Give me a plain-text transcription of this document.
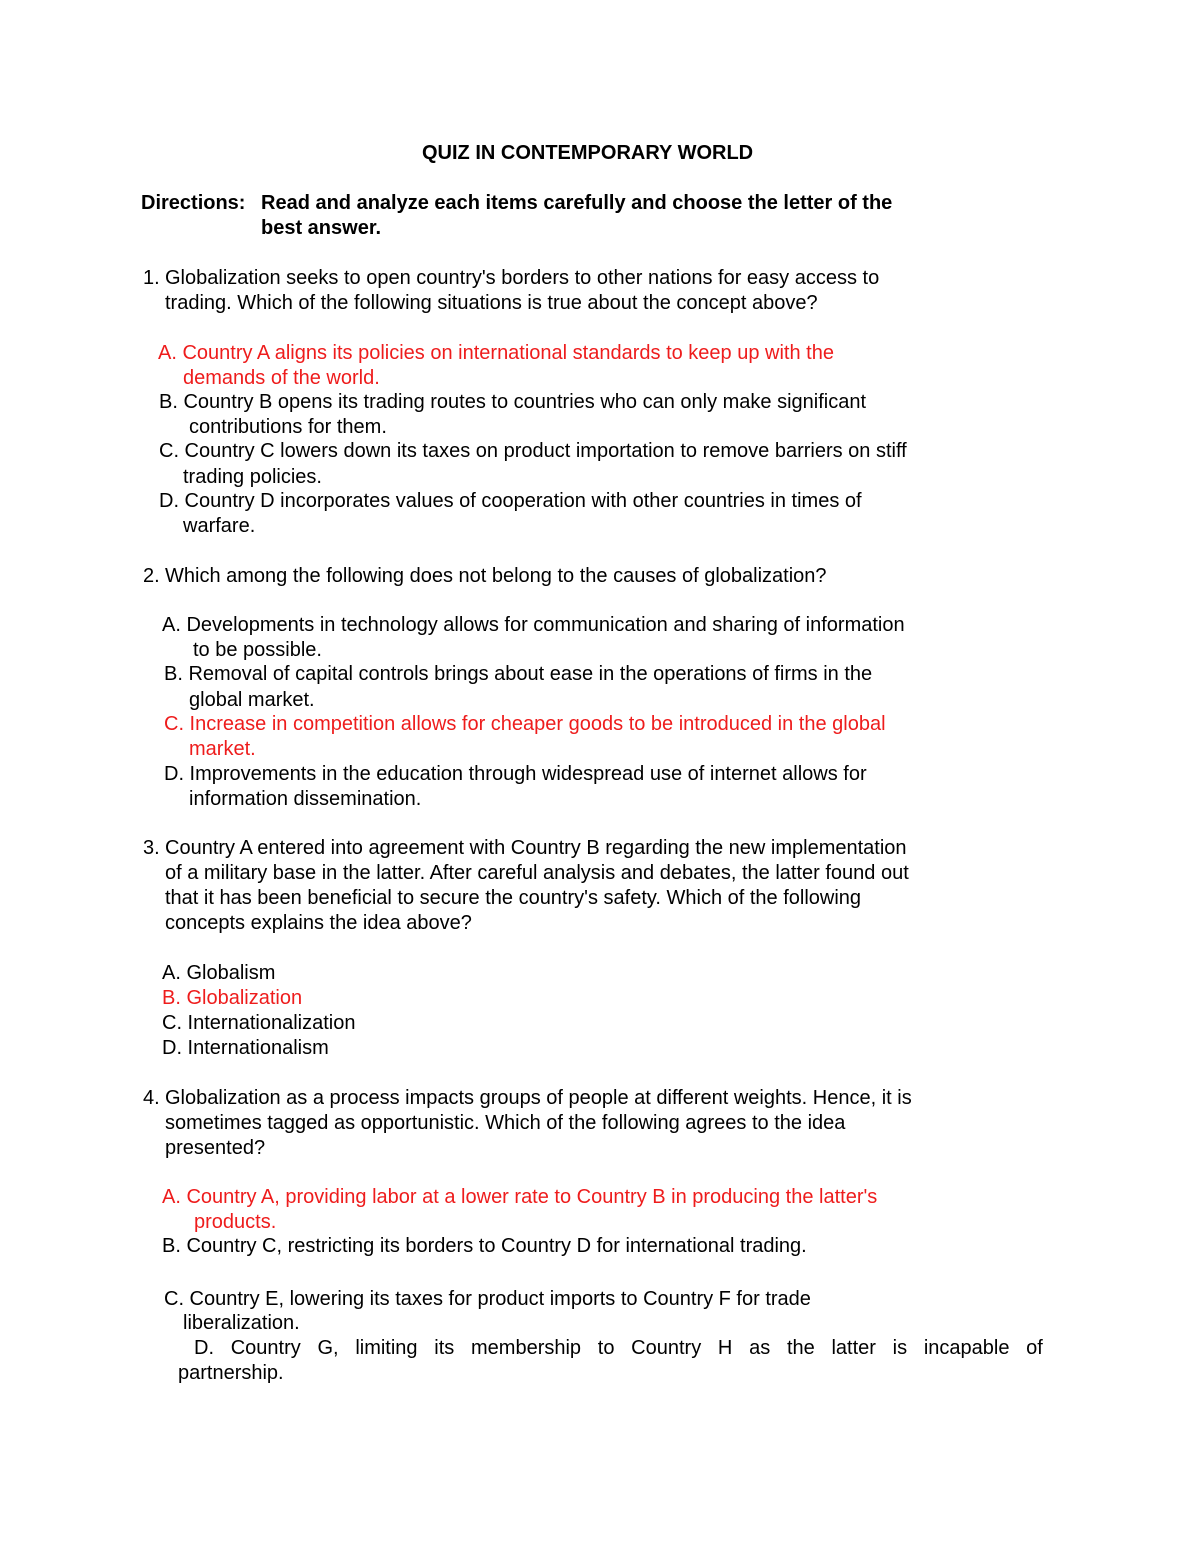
QUIZ IN CONTEMPORARY WORLD

Directions: Read and analyze each items carefully and choose the letter of the

best answer.

1. Globalization seeks to open country's borders to other nations for easy access to

trading. Which of the following situations is true about the concept above?

A. Country A aligns its policies on international standards to keep up with the

demands of the world.

B. Country B opens its trading routes to countries who can only make significant

contributions for them.

C. Country C lowers down its taxes on product importation to remove barriers on stiff

trading policies.

D. Country D incorporates values of cooperation with other countries in times of

warfare.

2. Which among the following does not belong to the causes of globalization?

A. Developments in technology allows for communication and sharing of information

to be possible.

B. Removal of capital controls brings about ease in the operations of firms in the

global market.

C. Increase in competition allows for cheaper goods to be introduced in the global

market.

D. Improvements in the education through widespread use of internet allows for

information dissemination.

3. Country A entered into agreement with Country B regarding the new implementation

of a military base in the latter. After careful analysis and debates, the latter found out

that it has been beneficial to secure the country's safety. Which of the following

concepts explains the idea above?

A. Globalism

B. Globalization

C. Internationalization

D. Internationalism

4. Globalization as a process impacts groups of people at different weights. Hence, it is

sometimes tagged as opportunistic. Which of the following agrees to the idea

presented?

A. Country A, providing labor at a lower rate to Country B in producing the latter's

products.

B. Country C, restricting its borders to Country D for international trading.

C. Country E, lowering its taxes for product imports to Country F for trade

liberalization.

D. Country G, limiting its membership to Country H as the latter is incapable of

partnership.
